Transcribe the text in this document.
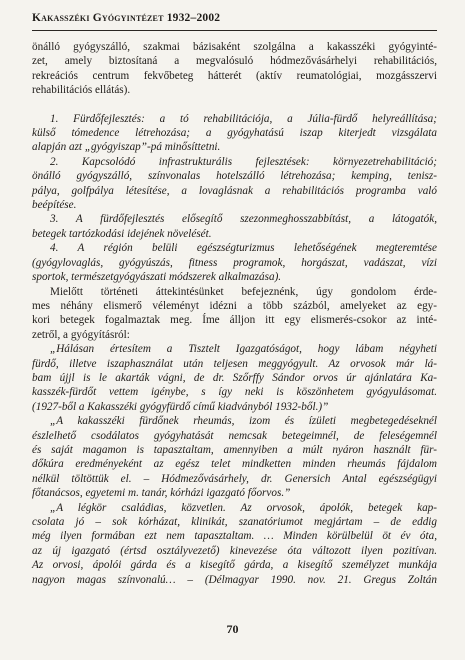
Kakasszéki Gyógyintézet 1932–2002
önálló gyógyszálló, szakmai bázisaként szolgálna a kakasszéki gyógyinté-
zet, amely biztosítaná a megvalósuló hódmezővásárhelyi rehabilitációs,
rekreációs centrum fekvőbeteg hátterét (aktív reumatológiai, mozgásszervi
rehabilitációs ellátás).
1. Fürdőfejlesztés: a tó rehabilitációja, a Júlia-fürdő helyreállítása;
külső tómedence létrehozása; a gyógyhatású iszap kiterjedt vizsgálata
alapján azt „gyógyiszap”-pá minősíttetni.
2. Kapcsolódó infrastrukturális fejlesztések: környezetrehabilitáció;
önálló gyógyszálló, színvonalas hotelszálló létrehozása; kemping, tenisz-
pálya, golfpálya létesítése, a lovaglásnak a rehabilitációs programba való
beépítése.
3. A fürdőfejlesztés elősegítő szezonmeghosszabbítást, a látogatók,
betegek tartózkodási idejének növelését.
4. A régión belüli egészségturizmus lehetőségének megteremtése
(gyógylovaglás, gyógyúszás, fitness programok, horgászat, vadászat, vízi
sportok, természetgyógyászati módszerek alkalmazása).
Mielőtt történeti áttekintésünket befejeznénk, úgy gondolom érde-
mes néhány elismerő véleményt idézni a több százból, amelyeket az egy-
kori betegek fogalmaztak meg. Íme álljon itt egy elismerés-csokor az inté-
zetről, a gyógyításról:
„Hálásan értesítem a Tisztelt Igazgatóságot, hogy lábam négyheti
fürdő, illetve iszaphasználat után teljesen meggyógyult. Az orvosok már lá-
bam újjl is le akarták vágni, de dr. Szőrffy Sándor orvos úr ajánlatára Ka-
kasszék-fürdőt vettem igénybe, s így neki is köszönhetem gyógyulásomat.
(1927-ből a Kakasszéki gyógyfürdő című kiadványból 1932-ből.)”
„A kakasszéki fürdőnek rheumás, izom és ízületi megbetegedéseknél
észlelhető csodálatos gyógyhatását nemcsak betegeimnél, de feleségemnél
és saját magamon is tapasztaltam, amennyiben a múlt nyáron használt für-
dőkúra eredményeként az egész telet mindketten minden rheumás fájdalom
nélkül töltöttük el. – Hódmezővásárhely, dr. Genersich Antal egészségügyi
főtanácsos, egyetemi m. tanár, kórházi igazgató főorvos.”
„A légkör családias, közvetlen. Az orvosok, ápolók, betegek kap-
csolata jó – sok kórházat, klinikát, szanatóriumot megjártam – de eddig
még ilyen formában ezt nem tapasztaltam. … Minden körülbelül öt év óta,
az új igazgató (értsd osztályvezető) kinevezése óta változott ilyen pozitívan.
Az orvosi, ápolói gárda és a kisegítő gárda, a kisegítő személyzet munkája
nagyon magas színvonalú… – (Délmagyar 1990. nov. 21. Gregus Zoltán
70
